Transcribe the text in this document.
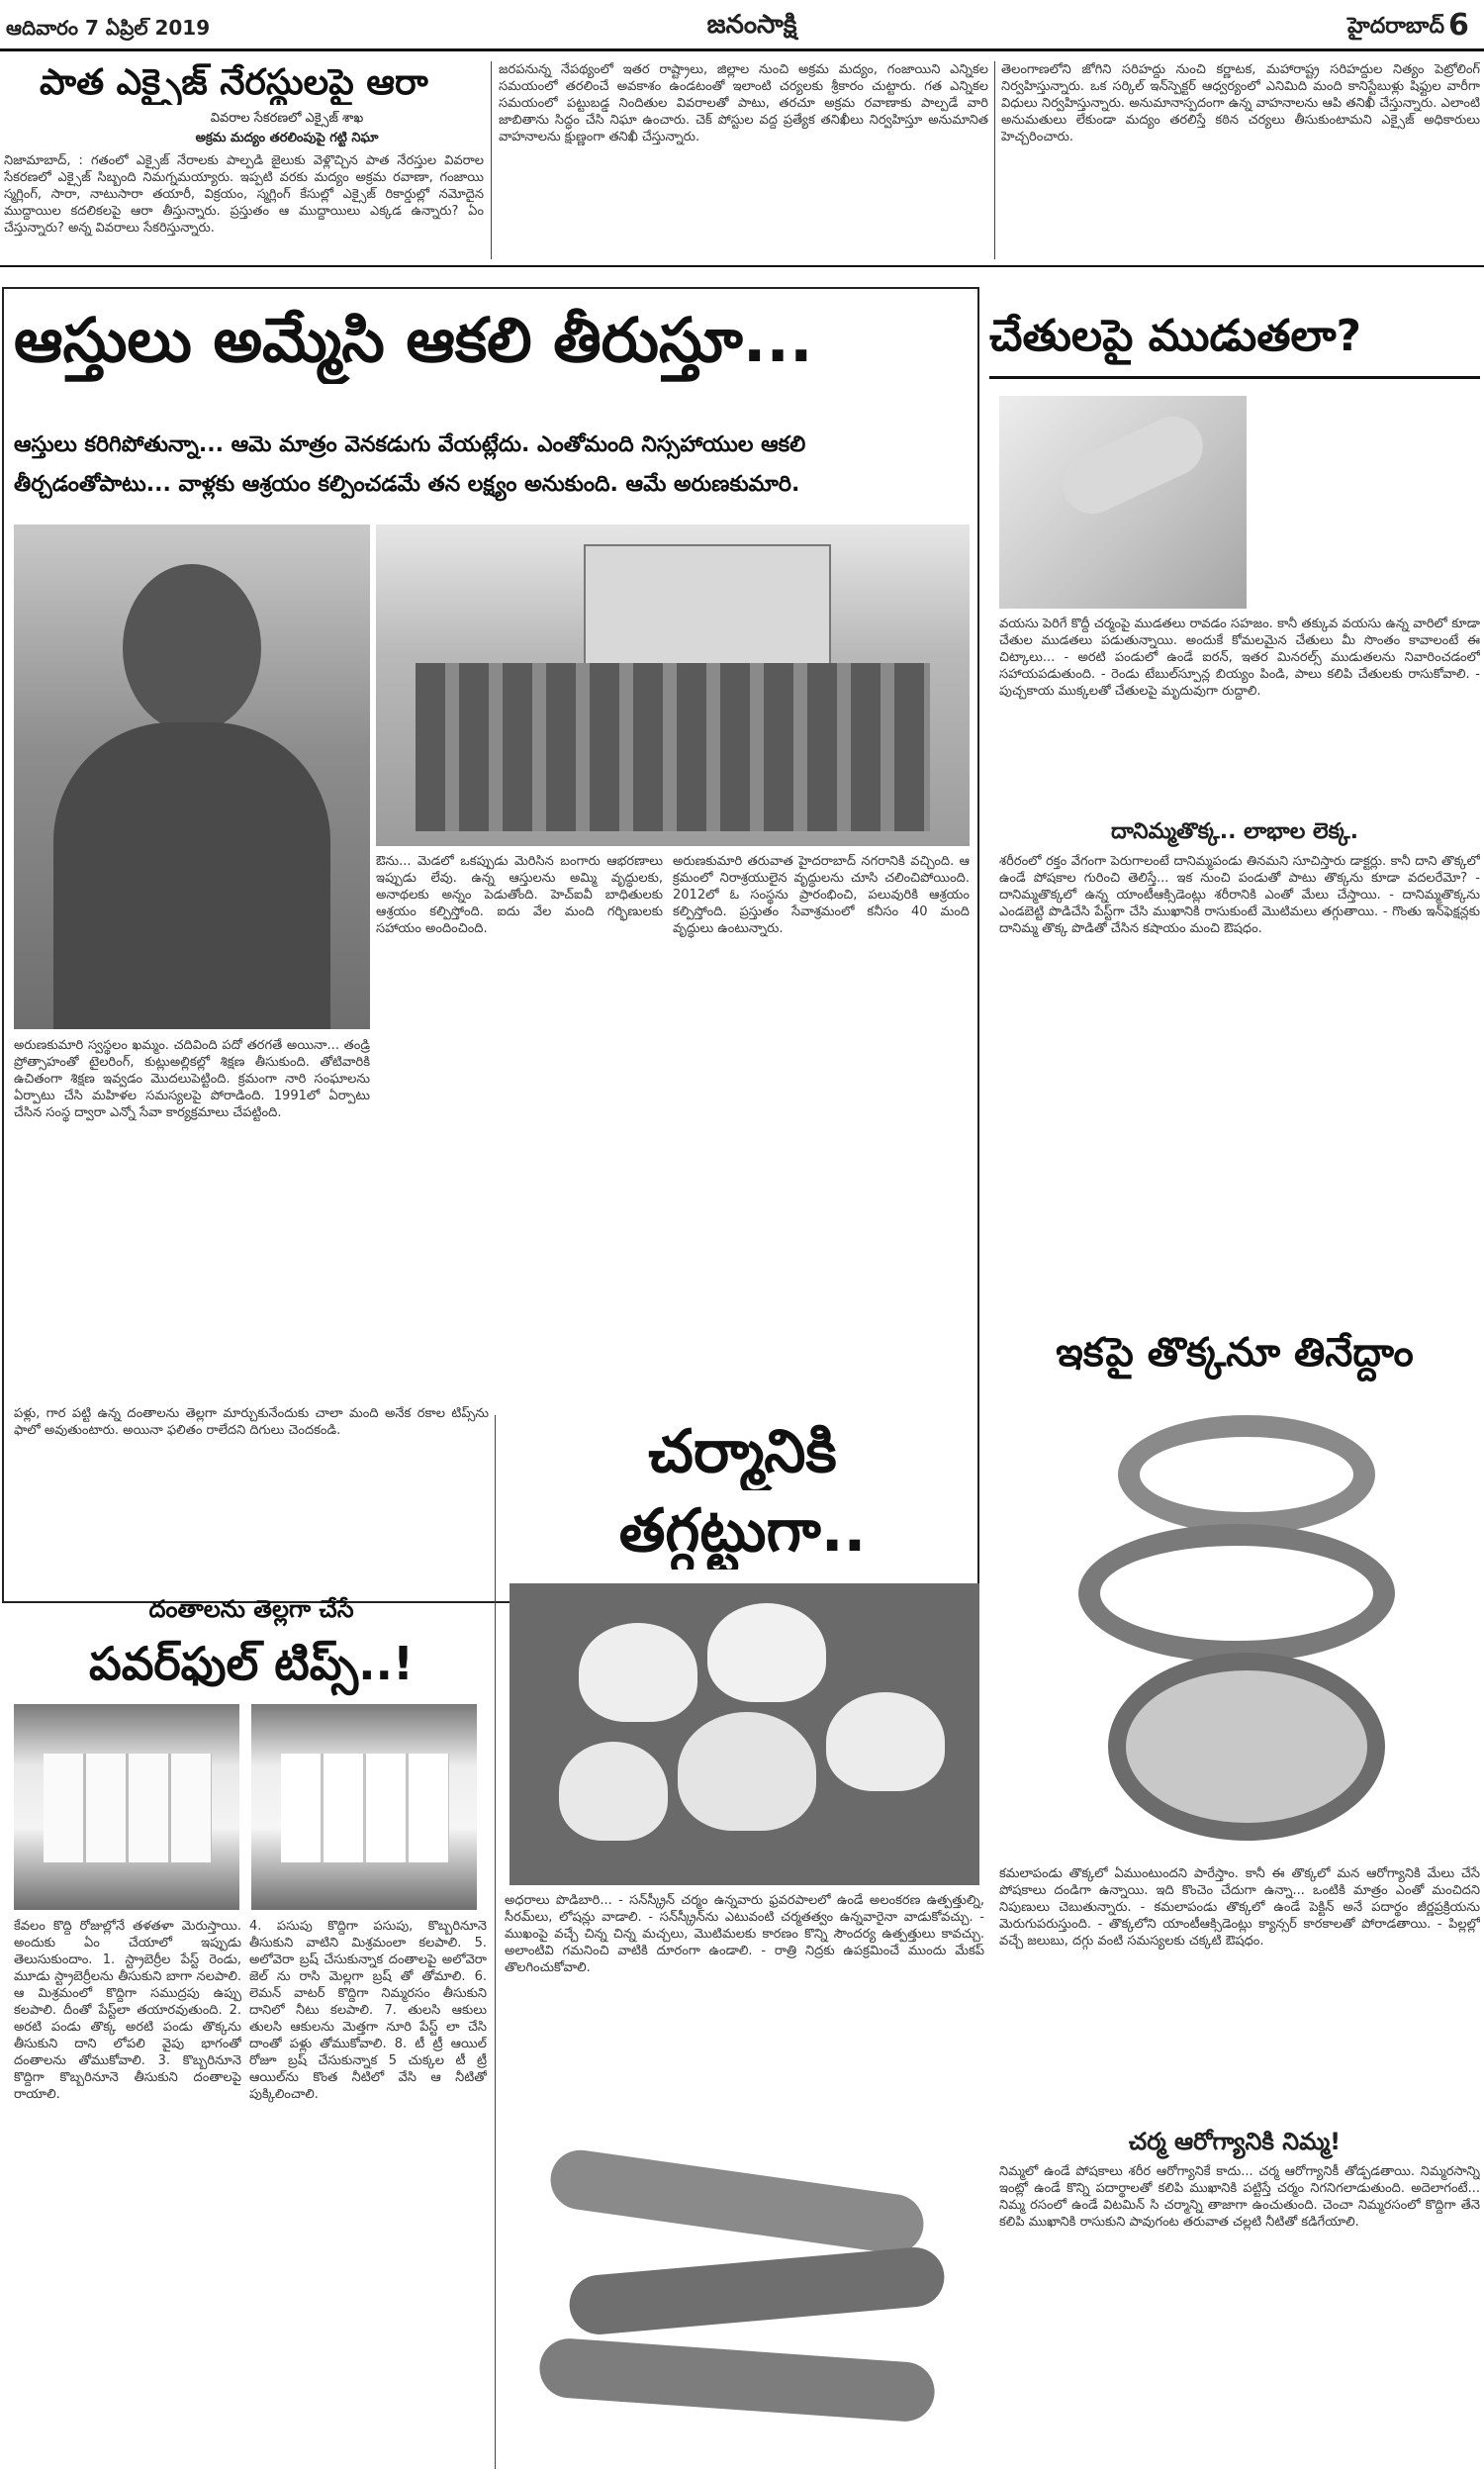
ఆదివారం 7 ఏప్రిల్ 2019	జనంసాక్షి	హైదరాబాద్ 6
పాత ఎక్సైజ్ నేరస్థులపై ఆరా
వివరాల సేకరణలో ఎక్సైజ్ శాఖ
అక్రమ మద్యం తరలింపుపై గట్టి నిఘా
నిజామాబాద్, : గతంలో ఎక్సైజ్ నేరాలకు పాల్పడి జైలుకు వెళ్లొచ్చిన పాత నేరస్తుల వివరాల సేకరణలో ఎక్సైజ్ సిబ్బంది నిమగ్నమయ్యారు. ఇప్పటి వరకు మద్యం అక్రమ రవాణా, గంజాయి స్మగ్లింగ్, సారా, నాటుసారా తయారీ, విక్రయం, స్మగ్లింగ్ కేసుల్లో ఎక్సైజ్ రికార్డుల్లో నమోదైన ముద్దాయిల కదలికలపై ఆరా తీస్తున్నారు. ప్రస్తుతం ఆ ముద్దాయిలు ఎక్కడ ఉన్నారు? ఏం చేస్తున్నారు? అన్న వివరాలు సేకరిస్తున్నారు.
జరపనున్న నేపథ్యంలో ఇతర రాష్ట్రాలు, జిల్లాల నుంచి అక్రమ మద్యం, గంజాయిని ఎన్నికల సమయంలో తరలించే అవకాశం ఉండటంతో ఇలాంటి చర్యలకు శ్రీకారం చుట్టారు. గత ఎన్నికల సమయంలో పట్టుబడ్డ నిందితుల వివరాలతో పాటు, తరచూ అక్రమ రవాణాకు పాల్పడే వారి జాబితాను సిద్ధం చేసి నిఘా ఉంచారు. చెక్ పోస్టుల వద్ద ప్రత్యేక తనిఖీలు నిర్వహిస్తూ అనుమానిత వాహనాలను క్షుణ్ణంగా తనిఖీ చేస్తున్నారు.
తెలంగాణలోని జోగిని సరిహద్దు నుంచి కర్ణాటక, మహారాష్ట్ర సరిహద్దుల నిత్యం పెట్రోలింగ్ నిర్వహిస్తున్నారు. ఒక సర్కిల్ ఇన్‌స్పెక్టర్ ఆధ్వర్యంలో ఎనిమిది మంది కానిస్టేబుళ్లు షిఫ్టుల వారీగా విధులు నిర్వహిస్తున్నారు. అనుమానాస్పదంగా ఉన్న వాహనాలను ఆపి తనిఖీ చేస్తున్నారు. ఎలాంటి అనుమతులు లేకుండా మద్యం తరలిస్తే కఠిన చర్యలు తీసుకుంటామని ఎక్సైజ్ అధికారులు హెచ్చరించారు.
ఆస్తులు అమ్మేసి ఆకలి తీరుస్తూ...
ఆస్తులు కరిగిపోతున్నా... ఆమె మాత్రం వెనకడుగు వేయట్లేదు. ఎంతోమంది నిస్సహాయుల ఆకలి తీర్చడంతోపాటు... వాళ్లకు ఆశ్రయం కల్పించడమే తన లక్ష్యం అనుకుంది. ఆమే అరుణకుమారి.
అరుణకుమారి స్వస్థలం ఖమ్మం. చదివింది పదో తరగతే అయినా... తండ్రి ప్రోత్సాహంతో టైలరింగ్, కుట్లుఅల్లికల్లో శిక్షణ తీసుకుంది. తోటివారికి ఉచితంగా శిక్షణ ఇవ్వడం మొదలుపెట్టింది. క్రమంగా నారి సంఘాలను ఏర్పాటు చేసి మహిళల సమస్యలపై పోరాడింది. 1991లో ఏర్పాటు చేసిన సంస్థ ద్వారా ఎన్నో సేవా కార్యక్రమాలు చేపట్టింది.
ఔను... మెడలో ఒకప్పుడు మెరిసిన బంగారు ఆభరణాలు ఇప్పుడు లేవు. ఉన్న ఆస్తులను అమ్మి వృద్ధులకు, అనాథలకు అన్నం పెడుతోంది. హెచ్ఐవీ బాధితులకు ఆశ్రయం కల్పిస్తోంది. ఐదు వేల మంది గర్భిణులకు సహాయం అందించింది.
అరుణకుమారి తరువాత హైదరాబాద్ నగరానికి వచ్చింది. ఆ క్రమంలో నిరాశ్రయులైన వృద్ధులను చూసి చలించిపోయింది. 2012లో ఓ సంస్థను ప్రారంభించి, పలువురికి ఆశ్రయం కల్పిస్తోంది. ప్రస్తుతం సేవాశ్రమంలో కనీసం 40 మంది వృద్ధులు ఉంటున్నారు.
చేతులపై ముడుతలా?
వయసు పెరిగే కొద్దీ చర్మంపై ముడతలు రావడం సహజం. కానీ తక్కువ వయసు ఉన్న వారిలో కూడా చేతుల ముడతలు పడుతున్నాయి. అందుకే కోమలమైన చేతులు మీ సొంతం కావాలంటే ఈ చిట్కాలు... - అరటి పండులో ఉండే ఐరన్, ఇతర మినరల్స్ ముడుతలను నివారించడంలో సహాయపడుతుంది. - రెండు టేబుల్‌స్పూన్ల బియ్యం పిండి, పాలు కలిపి చేతులకు రాసుకోవాలి. - పుచ్చకాయ ముక్కలతో చేతులపై మృదువుగా రుద్దాలి.
దానిమ్మతొక్క.. లాభాల లెక్క.
శరీరంలో రక్తం వేగంగా పెరుగాలంటే దానిమ్మపండు తినమని సూచిస్తారు డాక్టర్లు. కానీ దాని తొక్కలో ఉండే పోషకాల గురించి తెలిస్తే... ఇక నుంచి పండుతో పాటు తొక్కను కూడా వదలరేమో? - దానిమ్మతొక్కలో ఉన్న యాంటీఆక్సిడెంట్లు శరీరానికి ఎంతో మేలు చేస్తాయి. - దానిమ్మతొక్కను ఎండబెట్టి పొడిచేసి పేస్ట్‌గా చేసి ముఖానికి రాసుకుంటే మొటిమలు తగ్గుతాయి. - గొంతు ఇన్‌ఫెక్షన్లకు దానిమ్మ తొక్క పొడితో చేసిన కషాయం మంచి ఔషధం.
ఇకపై తొక్కనూ తినేద్దాం
కమలాపండు తొక్కలో ఏముంటుందని పారేస్తాం. కానీ ఈ తొక్కలో మన ఆరోగ్యానికి మేలు చేసే పోషకాలు దండిగా ఉన్నాయి. ఇది కొంచెం చేదుగా ఉన్నా... ఒంటికి మాత్రం ఎంతో మంచిదని నిపుణులు చెబుతున్నారు. - కమలాపండు తొక్కలో ఉండే పెక్టిన్ అనే పదార్థం జీర్ణప్రక్రియను మెరుగుపరుస్తుంది. - తొక్కలోని యాంటీఆక్సిడెంట్లు క్యాన్సర్ కారకాలతో పోరాడతాయి. - పిల్లల్లో వచ్చే జలుబు, దగ్గు వంటి సమస్యలకు చక్కటి ఔషధం.
చర్మ ఆరోగ్యానికి నిమ్మ!
నిమ్మలో ఉండే పోషకాలు శరీర ఆరోగ్యానికే కాదు... చర్మ ఆరోగ్యానికీ తోడ్పడతాయి. నిమ్మరసాన్ని ఇంట్లో ఉండే కొన్ని పదార్థాలతో కలిపి ముఖానికి పట్టిస్తే చర్మం నిగనిగలాడుతుంది. అదెలాగంటే... నిమ్మ రసంలో ఉండే విటమిన్ సి చర్మాన్ని తాజాగా ఉంచుతుంది. చెంచా నిమ్మరసంలో కొద్దిగా తేనె కలిపి ముఖానికి రాసుకుని పావుగంట తరువాత చల్లటి నీటితో కడిగేయాలి.
పళ్లు, గార పట్టి ఉన్న దంతాలను తెల్లగా మార్చుకునేందుకు చాలా మంది అనేక రకాల టిప్స్‌ను ఫాలో అవుతుంటారు. అయినా ఫలితం రాలేదని దిగులు చెందకండి.
దంతాలను తెల్లగా చేసే
పవర్‌ఫుల్ టిప్స్..!
కేవలం కొద్ది రోజుల్లోనే తళతళా మెరుస్తాయి. అందుకు ఏం చేయాలో ఇప్పుడు తెలుసుకుందాం. 1. స్ట్రాబెర్రీల పేస్ట్ రెండు, మూడు స్ట్రాబెర్రీలను తీసుకుని బాగా నలపాలి. ఆ మిశ్రమంలో కొద్దిగా సముద్రపు ఉప్పు కలపాలి. దీంతో పేస్ట్‌లా తయారవుతుంది. 2. అరటి పండు తొక్క అరటి పండు తొక్కను తీసుకుని దాని లోపలి వైపు భాగంతో దంతాలను తోముకోవాలి. 3. కొబ్బరినూనె కొద్దిగా కొబ్బరినూనె తీసుకుని దంతాలపై రాయాలి.
4. పసుపు కొద్దిగా పసుపు, కొబ్బరినూనె తీసుకుని వాటిని మిశ్రమంలా కలపాలి. 5. అలోవెరా బ్రష్ చేసుకున్నాక దంతాలపై అలోవెరా జెల్ ను రాసి మెల్లగా బ్రష్ తో తోమాలి. 6. లెమన్ వాటర్ కొద్దిగా నిమ్మరసం తీసుకుని దానిలో నీటు కలపాలి. 7. తులసి ఆకులు తులసి ఆకులను మెత్తగా నూరి పేస్ట్ లా చేసి దాంతో పళ్లు తోముకోవాలి. 8. టీ ట్రీ ఆయిల్ రోజూ బ్రష్ చేసుకున్నాక 5 చుక్కల టీ ట్రీ ఆయిల్‌ను కొంత నీటిలో వేసి ఆ నీటితో పుక్కిలించాలి.
చర్మానికి
తగ్గట్టుగా..
అధరాలు పొడిబారి... - సన్‌స్క్రీన్ చర్మం ఉన్నవారు ఫ్రవరపాలలో ఉండే అలంకరణ ఉత్పత్తుల్ని, సీరమ్‌లు, లోషన్లు వాడాలి. - సన్‌స్క్రీన్‌ను ఎటువంటి చర్మతత్వం ఉన్నవారైనా వాడుకోవచ్చు. - ముఖంపై వచ్చే చిన్న చిన్న మచ్చలు, మొటిమలకు కారణం కొన్ని సౌందర్య ఉత్పత్తులు కావచ్చు. అలాంటివి గమనించి వాటికి దూరంగా ఉండాలి. - రాత్రి నిద్రకు ఉపక్రమించే ముందు మేకప్ తొలగించుకోవాలి.
